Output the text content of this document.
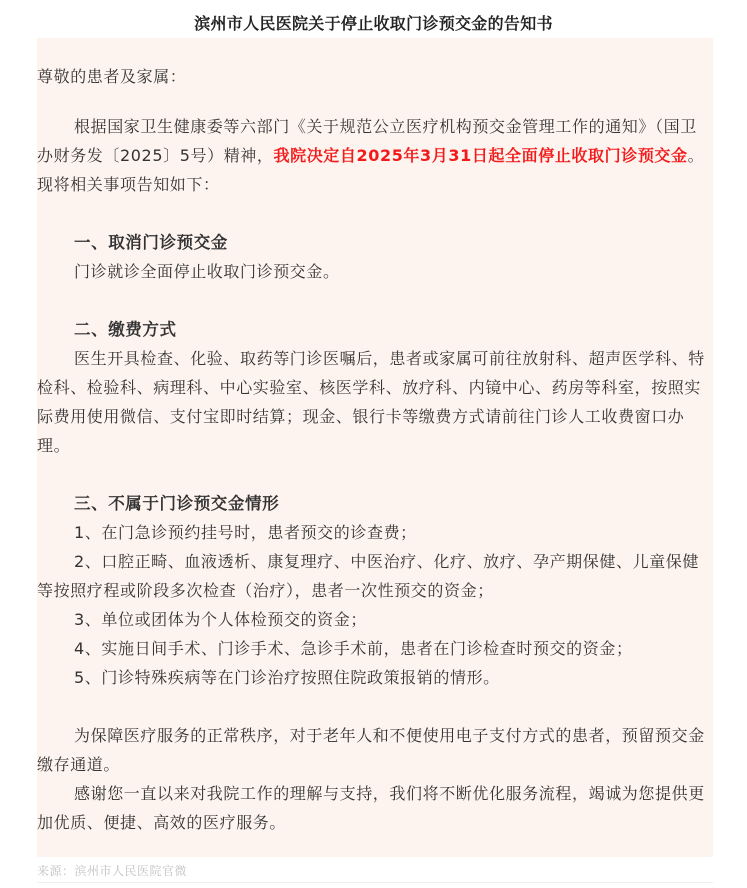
滨州市人民医院关于停止收取门诊预交金的告知书

尊敬的患者及家属：

根据国家卫生健康委等六部门《关于规范公立医疗机构预交金管理工作的通知》（国卫办财务发〔2025〕5号）精神，我院决定自2025年3月31日起全面停止收取门诊预交金。现将相关事项告知如下：

一、取消门诊预交金

门诊就诊全面停止收取门诊预交金。

二、缴费方式

医生开具检查、化验、取药等门诊医嘱后，患者或家属可前往放射科、超声医学科、特检科、检验科、病理科、中心实验室、核医学科、放疗科、内镜中心、药房等科室，按照实际费用使用微信、支付宝即时结算；现金、银行卡等缴费方式请前往门诊人工收费窗口办理。

三、不属于门诊预交金情形

1、在门急诊预约挂号时，患者预交的诊查费；

2、口腔正畸、血液透析、康复理疗、中医治疗、化疗、放疗、孕产期保健、儿童保健等按照疗程或阶段多次检查（治疗），患者一次性预交的资金；

3、单位或团体为个人体检预交的资金；

4、实施日间手术、门诊手术、急诊手术前，患者在门诊检查时预交的资金；

5、门诊特殊疾病等在门诊治疗按照住院政策报销的情形。

为保障医疗服务的正常秩序，对于老年人和不便使用电子支付方式的患者，预留预交金缴存通道。

感谢您一直以来对我院工作的理解与支持，我们将不断优化服务流程，竭诚为您提供更加优质、便捷、高效的医疗服务。

来源：滨州市人民医院官微
